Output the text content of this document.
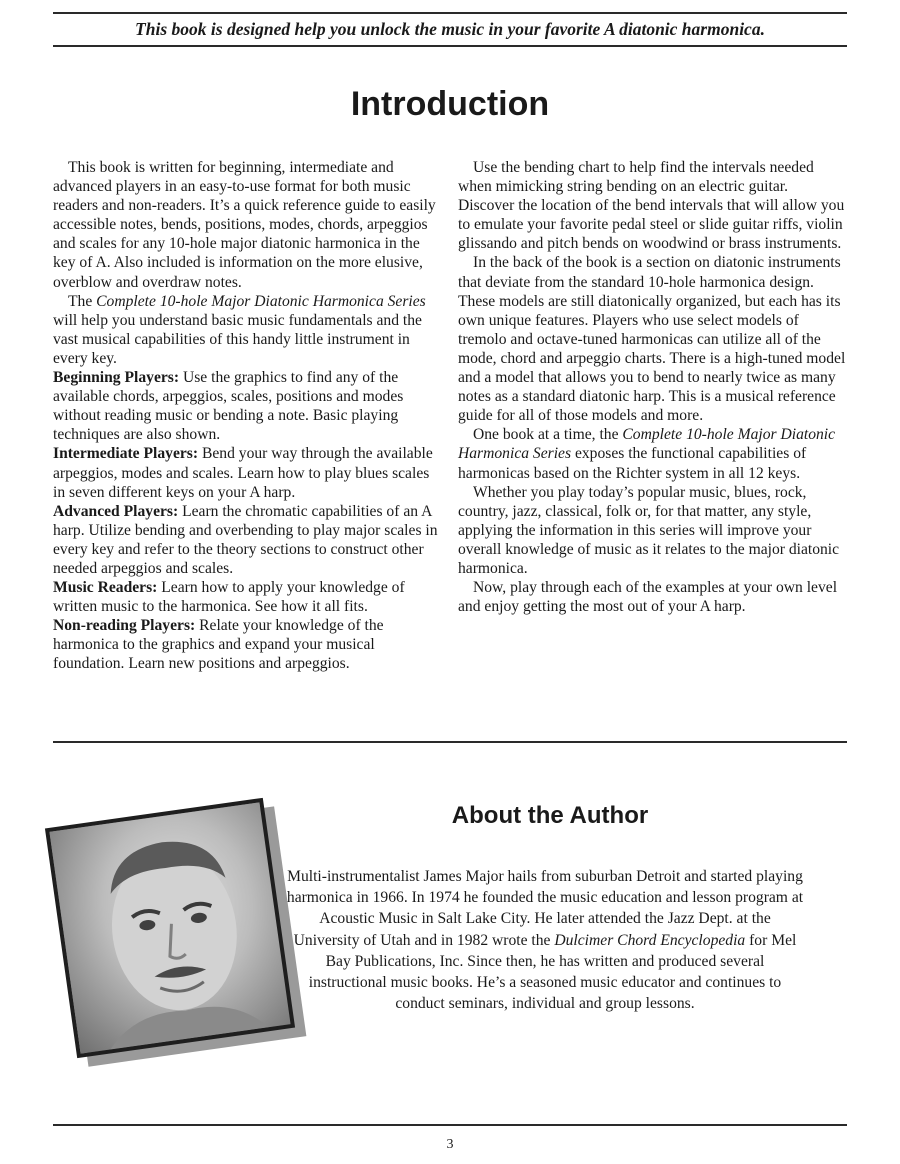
This book is designed help you unlock the music in your favorite A diatonic harmonica.
Introduction

This book is written for beginning, intermediate and advanced players in an easy-to-use format for both music readers and non-readers. It’s a quick reference guide to easily accessible notes, bends, positions, modes, chords, arpeggios and scales for any 10-hole major diatonic harmonica in the key of A. Also included is information on the more elusive, overblow and overdraw notes.

The Complete 10-hole Major Diatonic Harmonica Series will help you understand basic music fundamentals and the vast musical capabilities of this handy little instrument in every key.

Beginning Players: Use the graphics to find any of the available chords, arpeggios, scales, positions and modes without reading music or bending a note. Basic playing techniques are also shown.

Intermediate Players: Bend your way through the available arpeggios, modes and scales. Learn how to play blues scales in seven different keys on your A harp.

Advanced Players: Learn the chromatic capabilities of an A harp. Utilize bending and overbending to play major scales in every key and refer to the theory sections to construct other needed arpeggios and scales.

Music Readers: Learn how to apply your knowledge of written music to the harmonica. See how it all fits.

Non-reading Players: Relate your knowledge of the harmonica to the graphics and expand your musical foundation. Learn new positions and arpeggios.

Use the bending chart to help find the intervals needed when mimicking string bending on an electric guitar. Discover the location of the bend intervals that will allow you to emulate your favorite pedal steel or slide guitar riffs, violin glissando and pitch bends on woodwind or brass instruments.

In the back of the book is a section on diatonic instruments that deviate from the standard 10-hole harmonica design. These models are still diatonically organized, but each has its own unique features. Players who use select models of tremolo and octave-tuned harmonicas can utilize all of the mode, chord and arpeggio charts. There is a high-tuned model and a model that allows you to bend to nearly twice as many notes as a standard diatonic harp. This is a musical reference guide for all of those models and more.

One book at a time, the Complete 10-hole Major Diatonic Harmonica Series exposes the functional capabilities of harmonicas based on the Richter system in all 12 keys.

Whether you play today’s popular music, blues, rock, country, jazz, classical, folk or, for that matter, any style, applying the information in this series will improve your overall knowledge of music as it relates to the major diatonic harmonica.

Now, play through each of the examples at your own level and enjoy getting the most out of your A harp.

About the Author
Multi-instrumentalist James Major hails from suburban Detroit and started playing harmonica in 1966. In 1974 he founded the music education and lesson program at Acoustic Music in Salt Lake City. He later attended the Jazz Dept. at the University of Utah and in 1982 wrote the Dulcimer Chord Encyclopedia for Mel Bay Publications, Inc. Since then, he has written and produced several instructional music books. He’s a seasoned music educator and continues to conduct seminars, individual and group lessons.
3
